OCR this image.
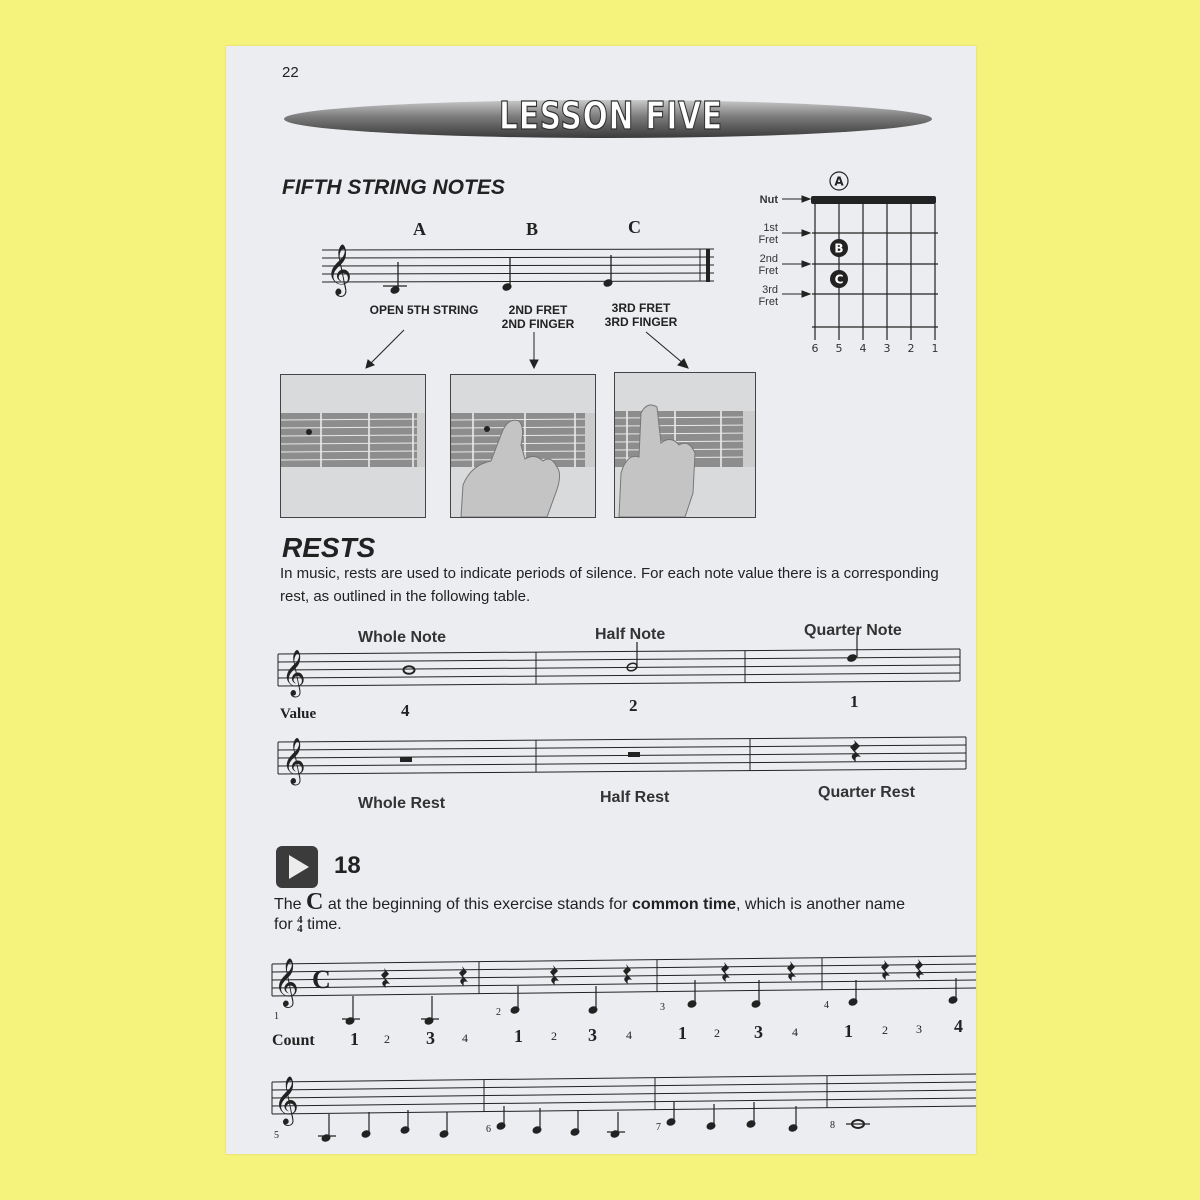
22
LESSON FIVE
FIFTH STRING NOTES
A	B	C
𝄞
OPEN 5TH STRING	2ND FRET
2ND FINGER
3RD FRET
3RD FINGER
Nut
1st
Fret
2nd
Fret
3rd
Fret
A
B
C
6 5 4 3 2 1
RESTS
In music, rests are used to indicate periods of silence. For each note value there is a corresponding rest, as outlined in the following table.
Whole Note	Half Note	Quarter Note
𝄞
Value	4	2	1
𝄞
Whole Rest	Half Rest	Quarter Rest
18
The C at the beginning of this exercise stands for common time, which is another name
for 4
4 time.
𝄞 C
1	2	3	4
Count 1 2 3 4	1 2 3 4	1 2 3 4	1 2 3 4
𝄞
5
6	7	8
